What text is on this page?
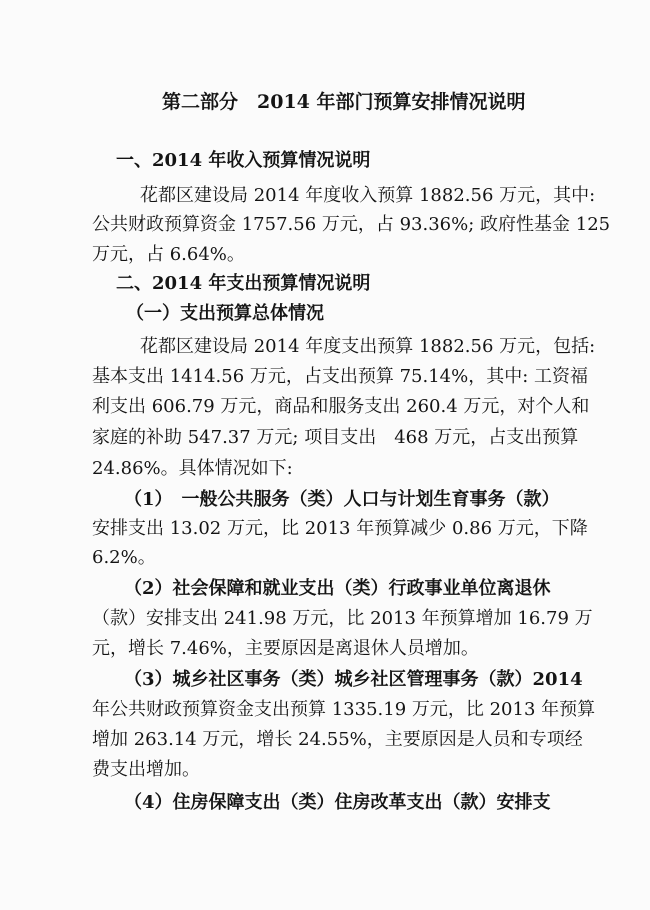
第二部分　2014 年部门预算安排情况说明
一、2014 年收入预算情况说明
花都区建设局 2014 年度收入预算 1882.56 万元，其中:
公共财政预算资金 1757.56 万元，占 93.36%; 政府性基金 125
万元，占 6.64%。
二、2014 年支出预算情况说明
（一）支出预算总体情况
花都区建设局 2014 年度支出预算 1882.56 万元，包括:
基本支出 1414.56 万元，占支出预算 75.14%，其中: 工资福
利支出 606.79 万元，商品和服务支出 260.4 万元，对个人和
家庭的补助 547.37 万元; 项目支出　468 万元，占支出预算
24.86%。具体情况如下:
（1）　一般公共服务（类）人口与计划生育事务（款）
安排支出 13.02 万元，比 2013 年预算减少 0.86 万元，下降
6.2%。
（2）社会保障和就业支出（类）行政事业单位离退休
（款）安排支出 241.98 万元，比 2013 年预算增加 16.79 万
元，增长 7.46%，主要原因是离退休人员增加。
（3）城乡社区事务（类）城乡社区管理事务（款）2014
年公共财政预算资金支出预算 1335.19 万元，比 2013 年预算
增加 263.14 万元，增长 24.55%，主要原因是人员和专项经
费支出增加。
（4）住房保障支出（类）住房改革支出（款）安排支
